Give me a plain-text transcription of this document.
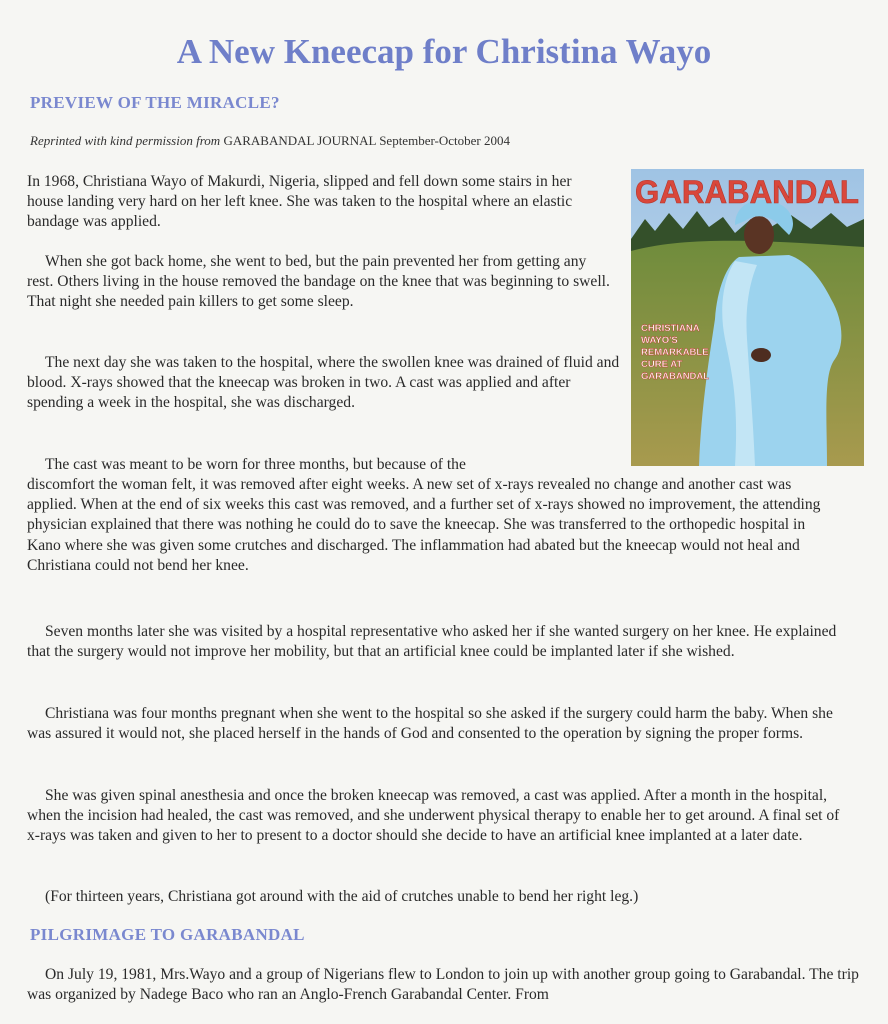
A New Kneecap for Christina Wayo
PREVIEW OF THE MIRACLE?
Reprinted with kind permission from GARABANDAL JOURNAL September-October 2004
GARABANDAL
CHRISTIANA
WAYO'S
REMARKABLE
CURE AT
GARABANDAL

In 1968, Christiana Wayo of Makurdi, Nigeria, slipped and fell down some stairs in her house landing very hard on her left knee. She was taken to the hospital where an elastic bandage was applied.

When she got back home, she went to bed, but the pain prevented her from getting any rest. Others living in the house removed the bandage on the knee that was beginning to swell. That night she needed pain killers to get some sleep.

The next day she was taken to the hospital, where the swollen knee was drained of fluid and blood. X-rays showed that the kneecap was broken in two. A cast was applied and after spending a week in the hospital, she was discharged.

The cast was meant to be worn for three months, but because of the

discomfort the woman felt, it was removed after eight weeks. A new set of x-rays revealed no change and another cast was applied. When at the end of six weeks this cast was removed, and a further set of x-rays showed no improvement, the attending physician explained that there was nothing he could do to save the kneecap. She was transferred to the orthopedic hospital in Kano where she was given some crutches and discharged. The inflammation had abated but the kneecap would not heal and Christiana could not bend her knee.

Seven months later she was visited by a hospital representative who asked her if she wanted surgery on her knee. He explained that the surgery would not improve her mobility, but that an artificial knee could be implanted later if she wished.

Christiana was four months pregnant when she went to the hospital so she asked if the surgery could harm the baby. When she was assured it would not, she placed herself in the hands of God and consented to the operation by signing the proper forms.

She was given spinal anesthesia and once the broken kneecap was removed, a cast was applied. After a month in the hospital, when the incision had healed, the cast was removed, and she underwent physical therapy to enable her to get around. A final set of x-rays was taken and given to her to present to a doctor should she decide to have an artificial knee implanted at a later date.

(For thirteen years, Christiana got around with the aid of crutches unable to bend her right leg.)

PILGRIMAGE TO GARABANDAL

On July 19, 1981, Mrs.Wayo and a group of Nigerians flew to London to join up with another group going to Garabandal. The trip was organized by Nadege Baco who ran an Anglo-French Garabandal Center. From
